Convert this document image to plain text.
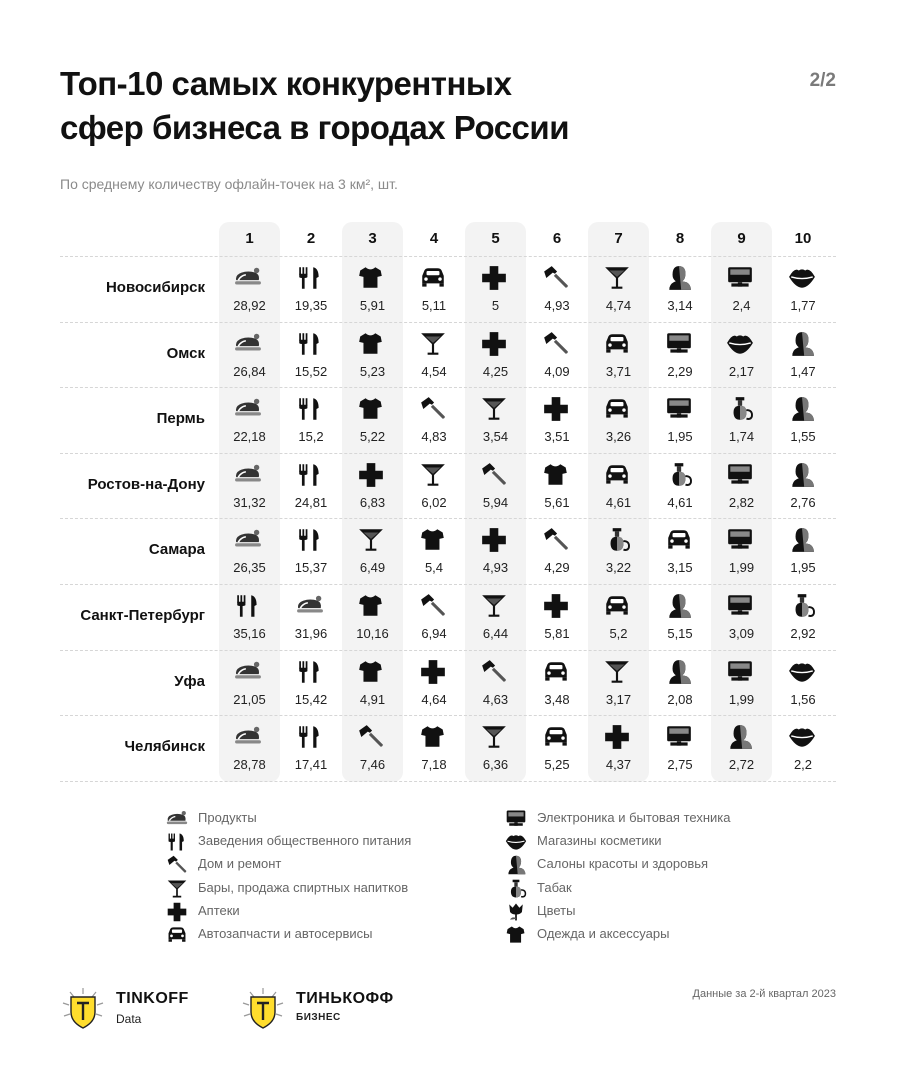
Топ-10 самых конкурентных
сфер бизнеса в городах России
2/2
По среднему количеству офлайн-точек на 3 км², шт.
1	2	3	4	5	6	7	8	9	10
Новосибирск
28,92	19,35	5,91	5,11	5	4,93	4,74	3,14	2,4	1,77
Омск
26,84	15,52	5,23	4,54	4,25	4,09	3,71	2,29	2,17	1,47
Пермь
22,18	15,2	5,22	4,83	3,54	3,51	3,26	1,95	1,74	1,55
Ростов-на-Дону
31,32	24,81	6,83	6,02	5,94	5,61	4,61	4,61	2,82	2,76
Самара
26,35	15,37	6,49	5,4	4,93	4,29	3,22	3,15	1,99	1,95
Санкт-Петербург
35,16	31,96	10,16	6,94	6,44	5,81	5,2	5,15	3,09	2,92
Уфа
21,05	15,42	4,91	4,64	4,63	3,48	3,17	2,08	1,99	1,56
Челябинск
28,78	17,41	7,46	7,18	6,36	5,25	4,37	2,75	2,72	2,2
Продукты
Заведения общественного питания
Дом и ремонт
Бары, продажа спиртных напитков
Аптеки
Автозапчасти и автосервисы
Электроника и бытовая техника
Магазины косметики
Салоны красоты и здоровья
Табак
Цветы
Одежда и аксессуары
TINKOFF
Data
ТИНЬКОФФ
БИЗНЕС
Данные за 2-й квартал 2023
